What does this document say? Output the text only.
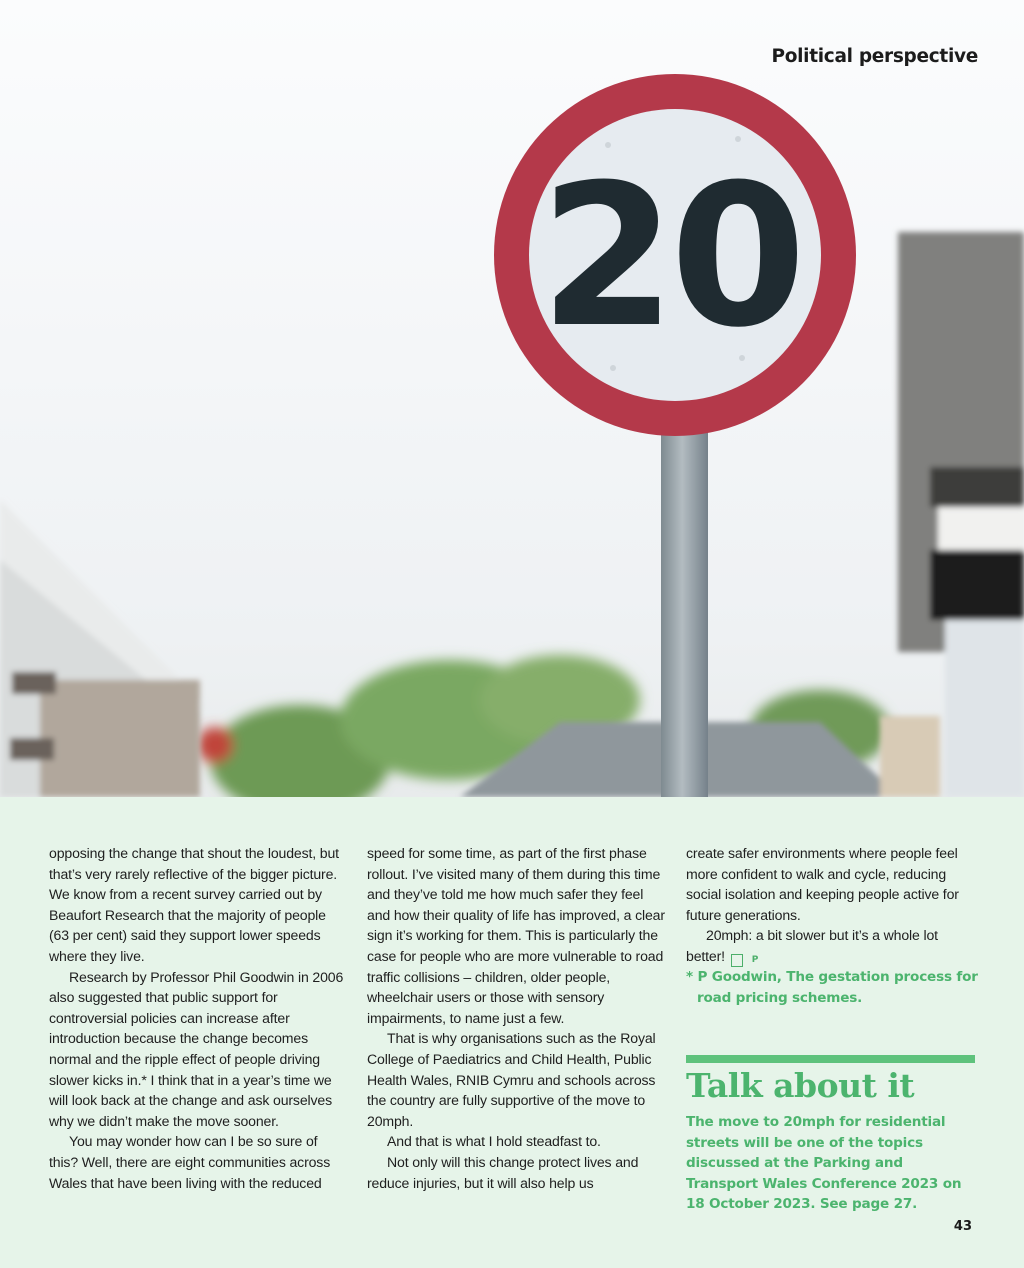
20
Political perspective

opposing the change that shout the loudest, but that’s very rarely reflective of the bigger picture. We know from a recent survey carried out by Beaufort Research that the majority of people (63 per cent) said they support lower speeds where they live.

Research by Professor Phil Goodwin in 2006 also suggested that public support for controversial policies can increase after introduction because the change becomes normal and the ripple effect of people driving slower kicks in.* I think that in a year’s time we will look back at the change and ask ourselves why we didn’t make the move sooner.

You may wonder how can I be so sure of this? Well, there are eight communities across Wales that have been living with the reduced

speed for some time, as part of the first phase rollout. I’ve visited many of them during this time and they’ve told me how much safer they feel and how their quality of life has improved, a clear sign it’s working for them. This is particularly the case for people who are more vulnerable to road traffic collisions – children, older people, wheelchair users or those with sensory impairments, to name just a few.

That is why organisations such as the Royal College of Paediatrics and Child Health, Public Health Wales, RNIB Cymru and schools across the country are fully supportive of the move to 20mph.

And that is what I hold steadfast to.

Not only will this change protect lives and reduce injuries, but it will also help us

create safer environments where people feel more confident to walk and cycle, reducing social isolation and keeping people active for future generations.

20mph: a bit slower but it’s a whole lot better!	P

* P Goodwin, The gestation process for road pricing schemes.

Talk about it
The move to 20mph for residential streets will be one of the topics discussed at the Parking and Transport Wales Conference 2023 on 18 October 2023. See page 27.
43
